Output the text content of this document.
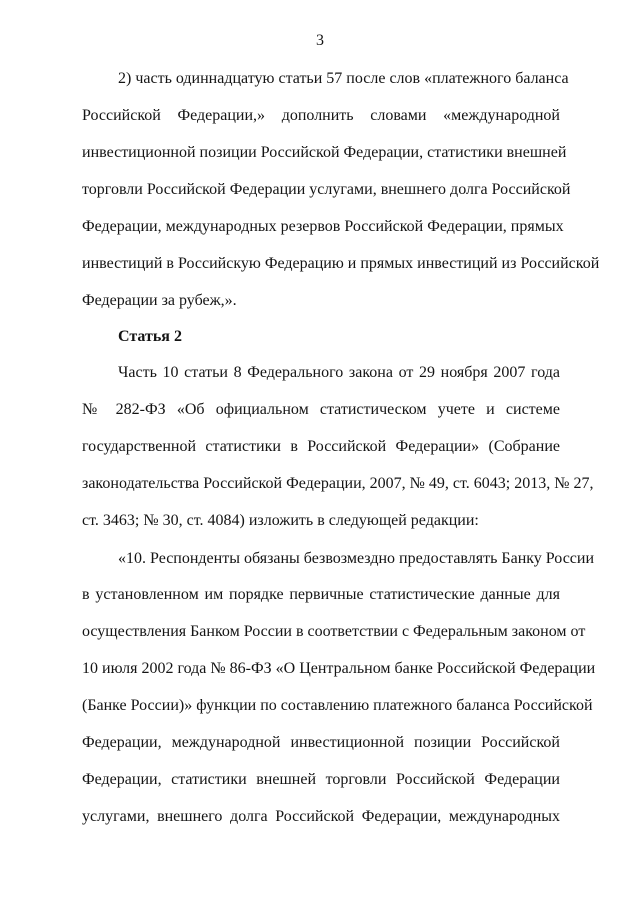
3

2) часть одиннадцатую статьи 57 после слов «платежного баланса

Российской Федерации,» дополнить словами «международной

инвестиционной позиции Российской Федерации, статистики внешней

торговли Российской Федерации услугами, внешнего долга Российской

Федерации, международных резервов Российской Федерации, прямых

инвестиций в Российскую Федерацию и прямых инвестиций из Российской

Федерации за рубеж,».

Статья 2

Часть 10 статьи 8 Федерального закона от 29 ноября 2007 года

№ 282-ФЗ «Об официальном статистическом учете и системе

государственной статистики в Российской Федерации» (Собрание

законодательства Российской Федерации, 2007, № 49, ст. 6043; 2013, № 27,

ст. 3463; № 30, ст. 4084) изложить в следующей редакции:

«10. Респонденты обязаны безвозмездно предоставлять Банку России

в установленном им порядке первичные статистические данные для

осуществления Банком России в соответствии с Федеральным законом от

10 июля 2002 года № 86-ФЗ «О Центральном банке Российской Федерации

(Банке России)» функции по составлению платежного баланса Российской

Федерации, международной инвестиционной позиции Российской

Федерации, статистики внешней торговли Российской Федерации

услугами, внешнего долга Российской Федерации, международных
